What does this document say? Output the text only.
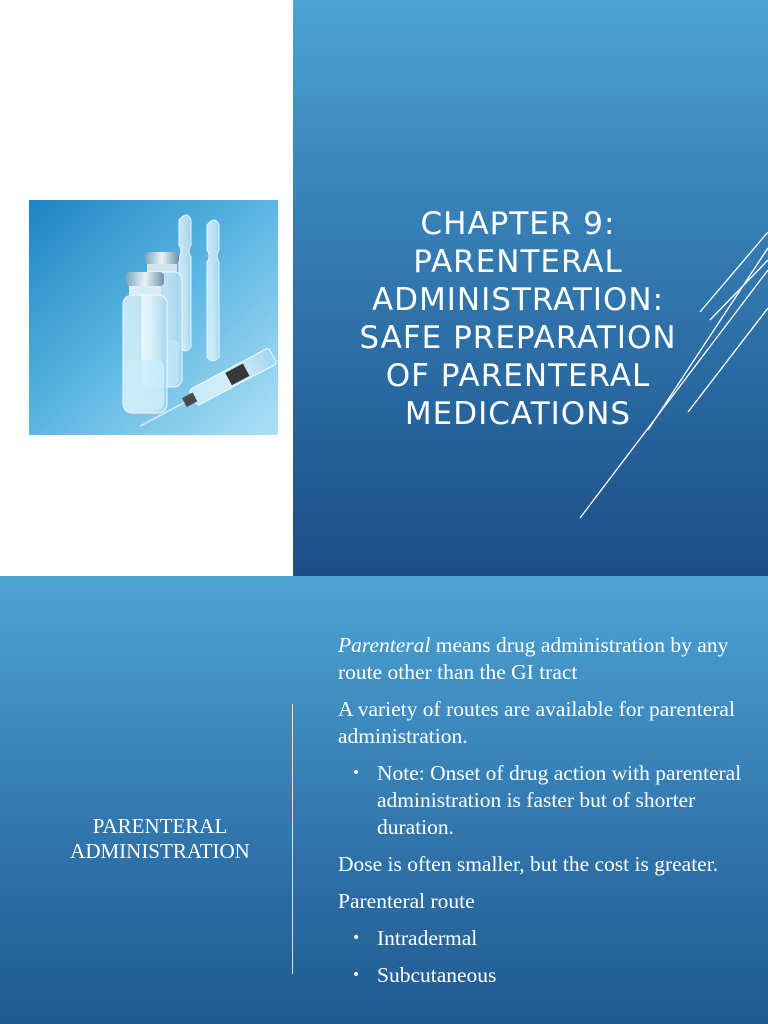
CHAPTER 9:
PARENTERAL
ADMINISTRATION:
SAFE PREPARATION
OF PARENTERAL
MEDICATIONS
PARENTERAL
ADMINISTRATION
Parenteral means drug administration by any route other than the GI tract
A variety of routes are available for parenteral administration.
• Note: Onset of drug action with parenteral administration is faster but of shorter duration.
Dose is often smaller, but the cost is greater.
Parenteral route
• Intradermal
• Subcutaneous
